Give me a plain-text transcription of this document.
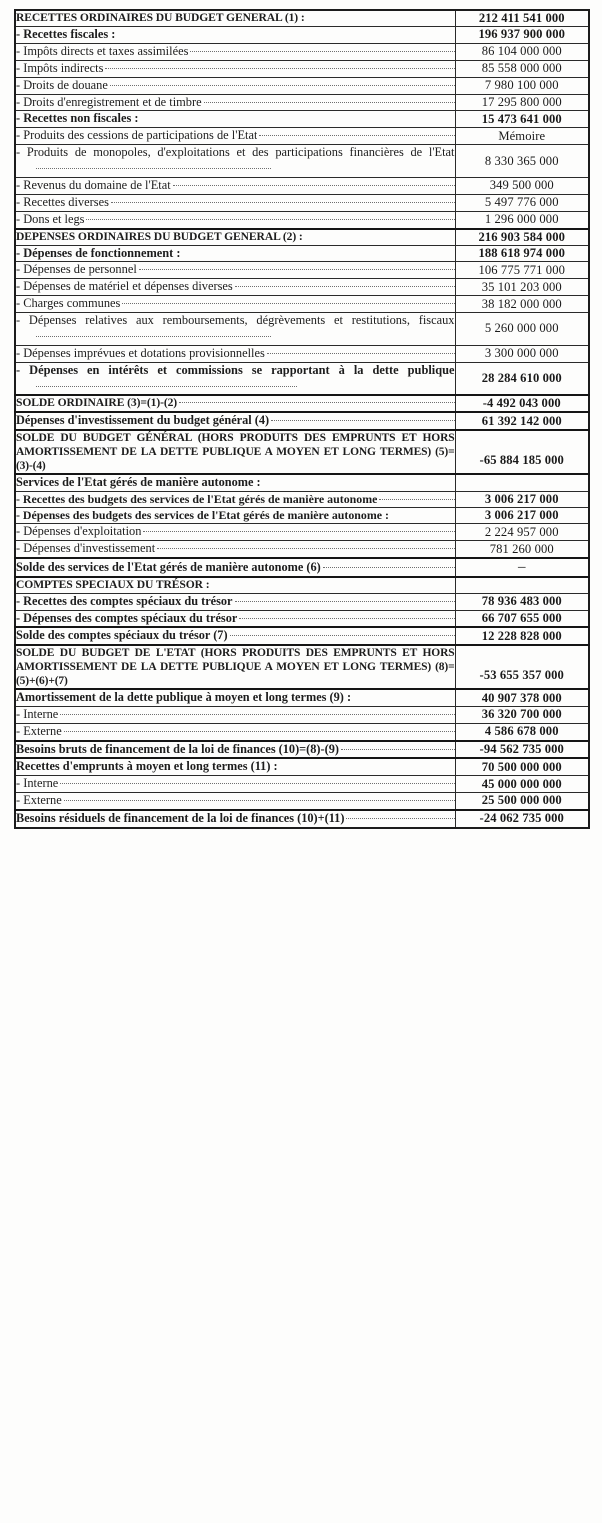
RECETTES ORDINAIRES DU BUDGET GENERAL (1) :	212 411 541 000

- Recettes fiscales :	196 937 900 000

- Impôts directs et taxes assimilées	86 104 000 000

- Impôts indirects	85 558 000 000

- Droits de douane	7 980 100 000

- Droits d'enregistrement et de timbre	17 295 800 000

- Recettes non fiscales :	15 473 641 000

- Produits des cessions de participations de l'Etat	Mémoire

- Produits de monopoles, d'exploitations et des participations financières de l'Etat	8 330 365 000

- Revenus du domaine de l'Etat	349 500 000

- Recettes diverses	5 497 776 000

- Dons et legs	1 296 000 000

DEPENSES ORDINAIRES DU BUDGET GENERAL (2) :	216 903 584 000

- Dépenses de fonctionnement :	188 618 974 000

- Dépenses de personnel	106 775 771 000

- Dépenses de matériel et dépenses diverses	35 101 203 000

- Charges communes	38 182 000 000

- Dépenses relatives aux remboursements, dégrèvements et restitutions, fiscaux	5 260 000 000

- Dépenses imprévues et dotations provisionnelles	3 300 000 000

- Dépenses en intérêts et commissions se rapportant à la dette publique	28 284 610 000

SOLDE ORDINAIRE (3)=(1)-(2)	-4 492 043 000

Dépenses d'investissement du budget général (4)	61 392 142 000

SOLDE DU BUDGET GÉNÉRAL (HORS PRODUITS DES EMPRUNTS ET HORS AMORTISSEMENT DE LA DETTE PUBLIQUE A MOYEN ET LONG TERMES) (5)=(3)-(4)	-65 884 185 000

Services de l'Etat gérés de manière autonome :	

- Recettes des budgets des services de l'Etat gérés de manière autonome	3 006 217 000

- Dépenses des budgets des services de l'Etat gérés de manière autonome :	3 006 217 000

- Dépenses d'exploitation	2 224 957 000

- Dépenses d'investissement	781 260 000

Solde des services de l'Etat gérés de manière autonome (6)	–

COMPTES SPECIAUX DU TRÉSOR :	

- Recettes des comptes spéciaux du trésor	78 936 483 000

- Dépenses des comptes spéciaux du trésor	66 707 655 000

Solde des comptes spéciaux du trésor (7)	12 228 828 000

SOLDE DU BUDGET DE L'ETAT (HORS PRODUITS DES EMPRUNTS ET HORS AMORTISSEMENT DE LA DETTE PUBLIQUE A MOYEN ET LONG TERMES) (8)=(5)+(6)+(7)	-53 655 357 000

Amortissement de la dette publique à moyen et long termes (9) :	40 907 378 000

- Interne	36 320 700 000

- Externe	4 586 678 000

Besoins bruts de financement de la loi de finances (10)=(8)-(9)	-94 562 735 000

Recettes d'emprunts à moyen et long termes (11) :	70 500 000 000

- Interne	45 000 000 000

- Externe	25 500 000 000

Besoins résiduels de financement de la loi de finances (10)+(11)	-24 062 735 000
